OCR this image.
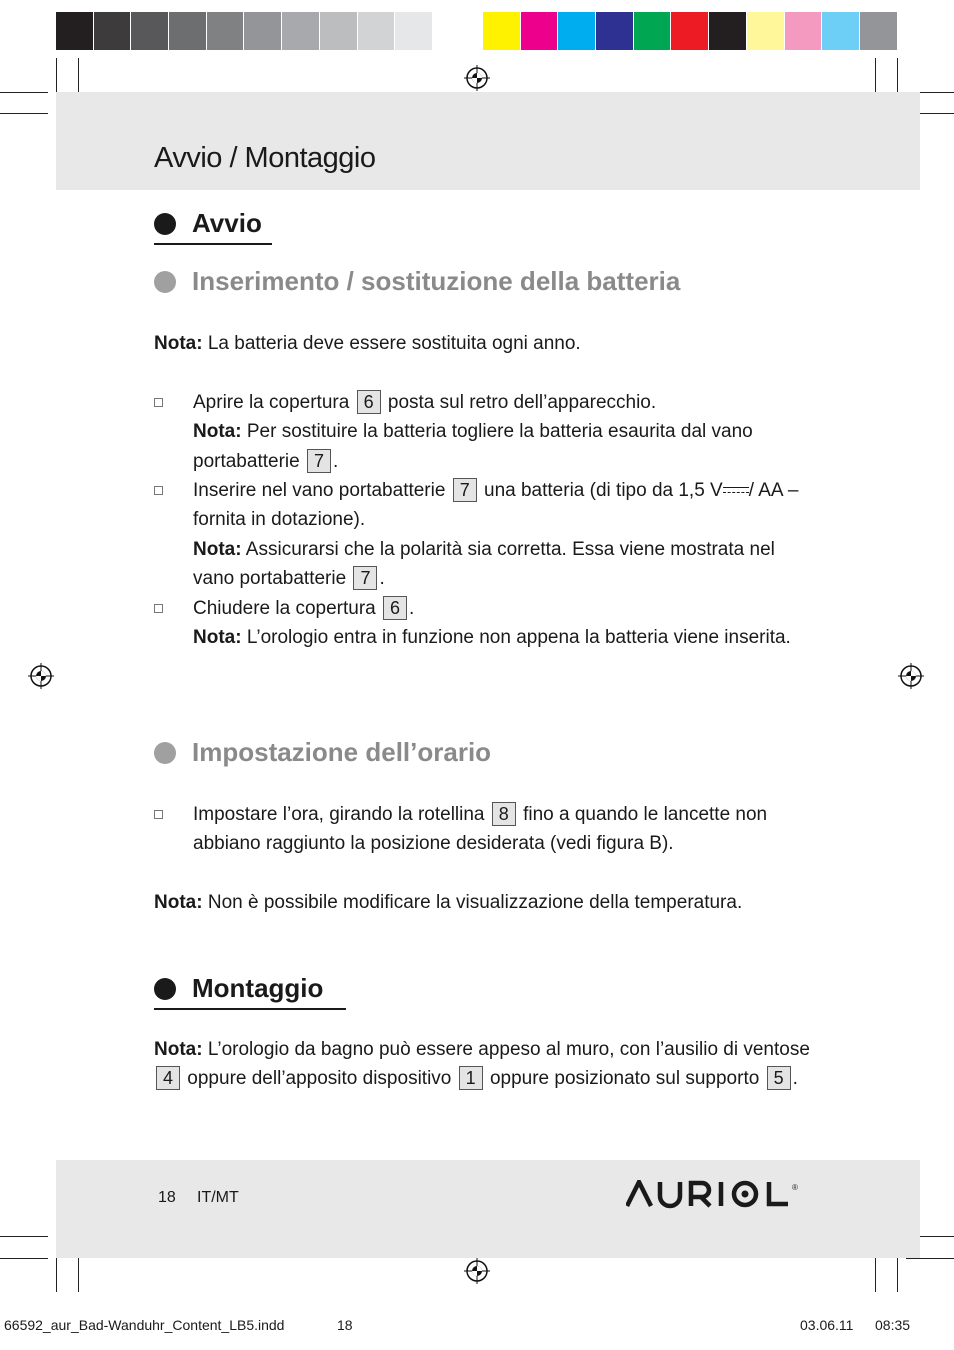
Avvio / Montaggio
Avvio
Inserimento / sostituzione della batteria
Nota: La batteria deve essere sostituita ogni anno.
Aprire la copertura 6 posta sul retro dell’apparecchio.
Nota: Per sostituire la batteria togliere la batteria esaurita dal vano portabatterie 7 .
Inserire nel vano portabatterie 7 una batteria (di tipo da 1,5 V / AA – fornita in dotazione).
Nota: Assicurarsi che la polarità sia corretta. Essa viene mostrata nel vano portabatterie 7 .
Chiudere la copertura 6 .
Nota: L’orologio entra in funzione non appena la batteria viene inserita.
Impostazione dell’orario
Impostare l’ora, girando la rotellina 8 fino a quando le lancette non abbiano raggiunto la posizione desiderata (vedi figura B).
Nota: Non è possibile modificare la visualizzazione della temperatura.
Montaggio
Nota: L’orologio da bagno può essere appeso al muro, con l’ausilio di ventose 4 oppure dell’apposito dispositivo 1 oppure posizionato sul supporto 5 .
18 IT/MT
®
66592_aur_Bad-Wanduhr_Content_LB5.indd	18	03.06.11 08:35
